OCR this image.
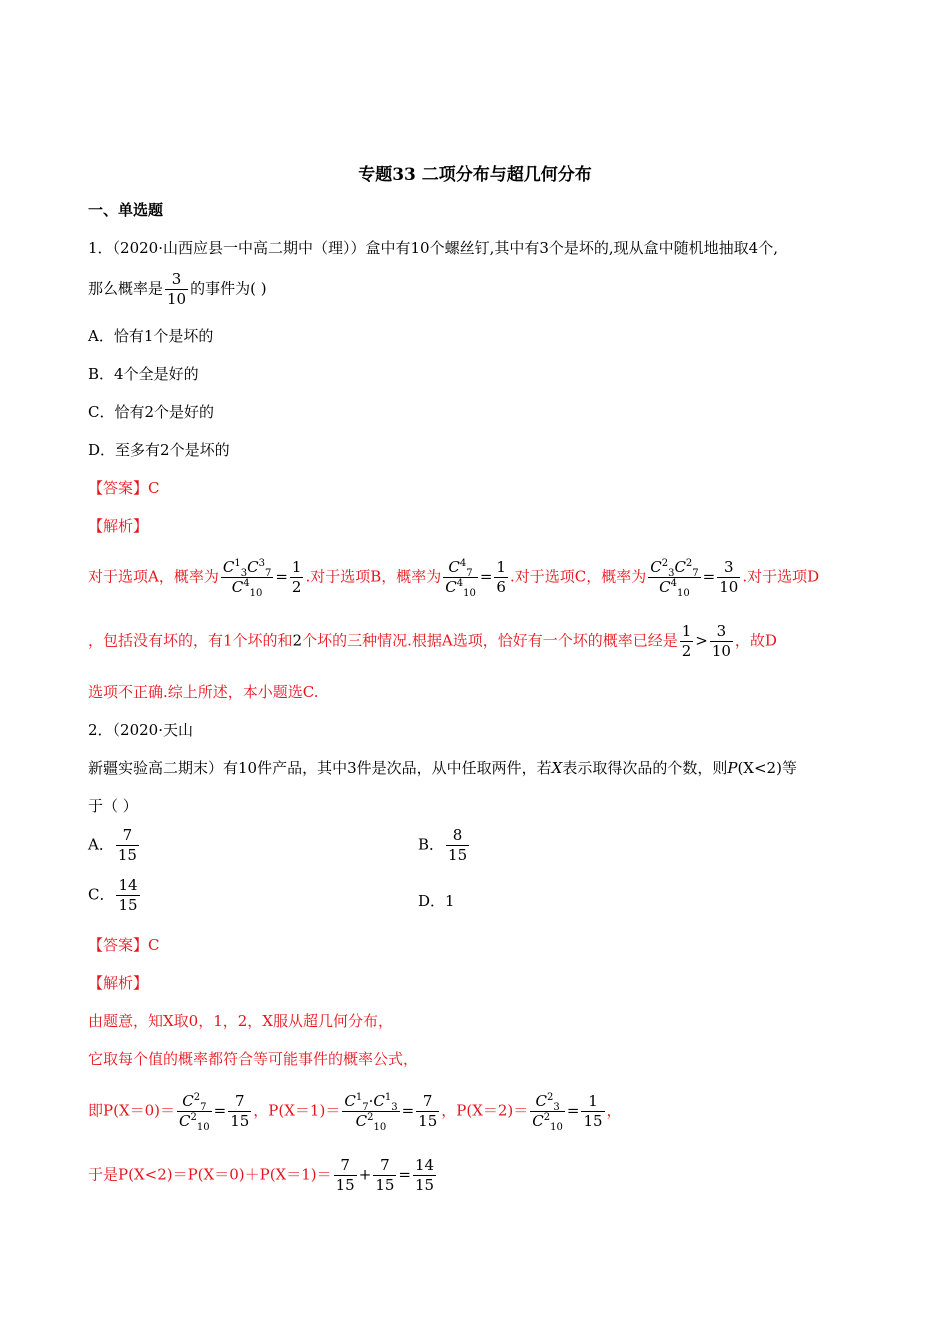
专题33 二项分布与超几何分布
一、单选题
1．（2020·山西应县一中高二期中（理））盒中有10个螺丝钉,其中有3个是坏的,现从盒中随机地抽取4个,
那么概率是 $\frac{3}{10}$ 的事件为( )
A．恰有1个是坏的
B．4个全是好的
C．恰有2个是好的
D．至多有2个是坏的
【答案】C
【解析】
对于选项A，概率为 $\frac{C^1_3C^3_7}{C^4_{10}} = \frac{1}{2}$ .对于选项B，概率为 $\frac{C^4_7}{C^4_{10}} = \frac{1}{6}$ .对于选项C，概率为 $\frac{C^2_3C^2_7}{C^4_{10}} = \frac{3}{10}$ .对于选项D
，包括没有坏的，有1个坏的和2个坏的三种情况.根据A选项，恰好有一个坏的概率已经是 $\frac{1}{2} > \frac{3}{10}$ ，故D
选项不正确.综上所述，本小题选C.
2．（2020·天山
新疆实验高二期末）有10件产品，其中3件是次品，从中任取两件，若X表示取得次品的个数，则P(X<2)等
于（ ）
A． $\frac{7}{15}$	B． $\frac{8}{15}$
C． $\frac{14}{15}$	D．1
【答案】C
【解析】
由题意，知X取0，1，2，X服从超几何分布，
它取每个值的概率都符合等可能事件的概率公式，
即$P(X=0)= \frac{C^2_7}{C^2_{10}} = \frac{7}{15}$ ，$P(X=1)= \frac{C^1_7\cdot C^1_3}{C^2_{10}} = \frac{7}{15}$ ，$P(X=2)= \frac{C^2_3}{C^2_{10}} = \frac{1}{15}$ ，
于是$P(X<2)=P(X=0)+P(X=1)= \frac{7}{15} + \frac{7}{15} = \frac{14}{15}$
